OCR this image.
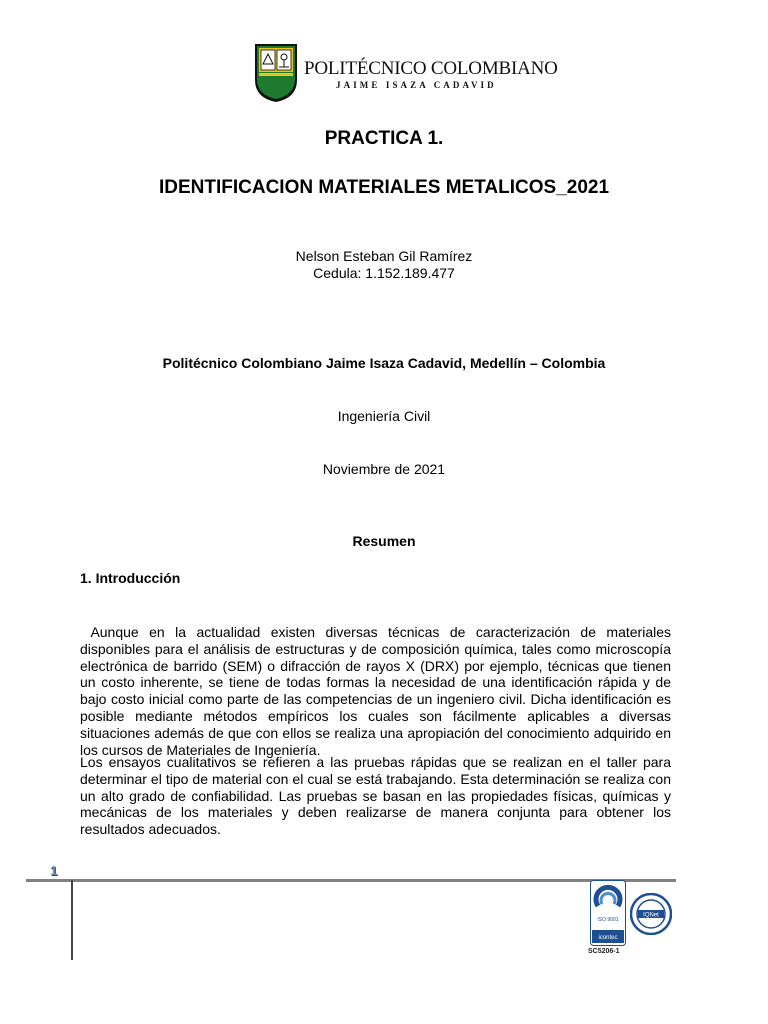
POLITÉCNICO COLOMBIANO
JAIME ISAZA CADAVID
PRACTICA 1.
IDENTIFICACION MATERIALES METALICOS_2021
Nelson Esteban Gil Ramírez
Cedula: 1.152.189.477
Politécnico Colombiano Jaime Isaza Cadavid, Medellín – Colombia
Ingeniería Civil
Noviembre de 2021
Resumen
1. Introducción

Aunque en la actualidad existen diversas técnicas de caracterización de materiales disponibles para el análisis de estructuras y de composición química, tales como microscopía electrónica de barrido (SEM) o difracción de rayos X (DRX) por ejemplo, técnicas que tienen un costo inherente, se tiene de todas formas la necesidad de una identificación rápida y de bajo costo inicial como parte de las competencias de un ingeniero civil. Dicha identificación es posible mediante métodos empíricos los cuales son fácilmente aplicables a diversas situaciones además de que con ellos se realiza una apropiación del conocimiento adquirido en los cursos de Materiales de Ingeniería.

Los ensayos cualitativos se refieren a las pruebas rápidas que se realizan en el taller para determinar el tipo de material con el cual se está trabajando. Esta determinación se realiza con un alto grado de confiabilidad. Las pruebas se basan en las propiedades físicas, químicas y mecánicas de los materiales y deben realizarse de manera conjunta para obtener los resultados adecuados.

1
ISO 9001
icontec
IQNet
SC5206-1
